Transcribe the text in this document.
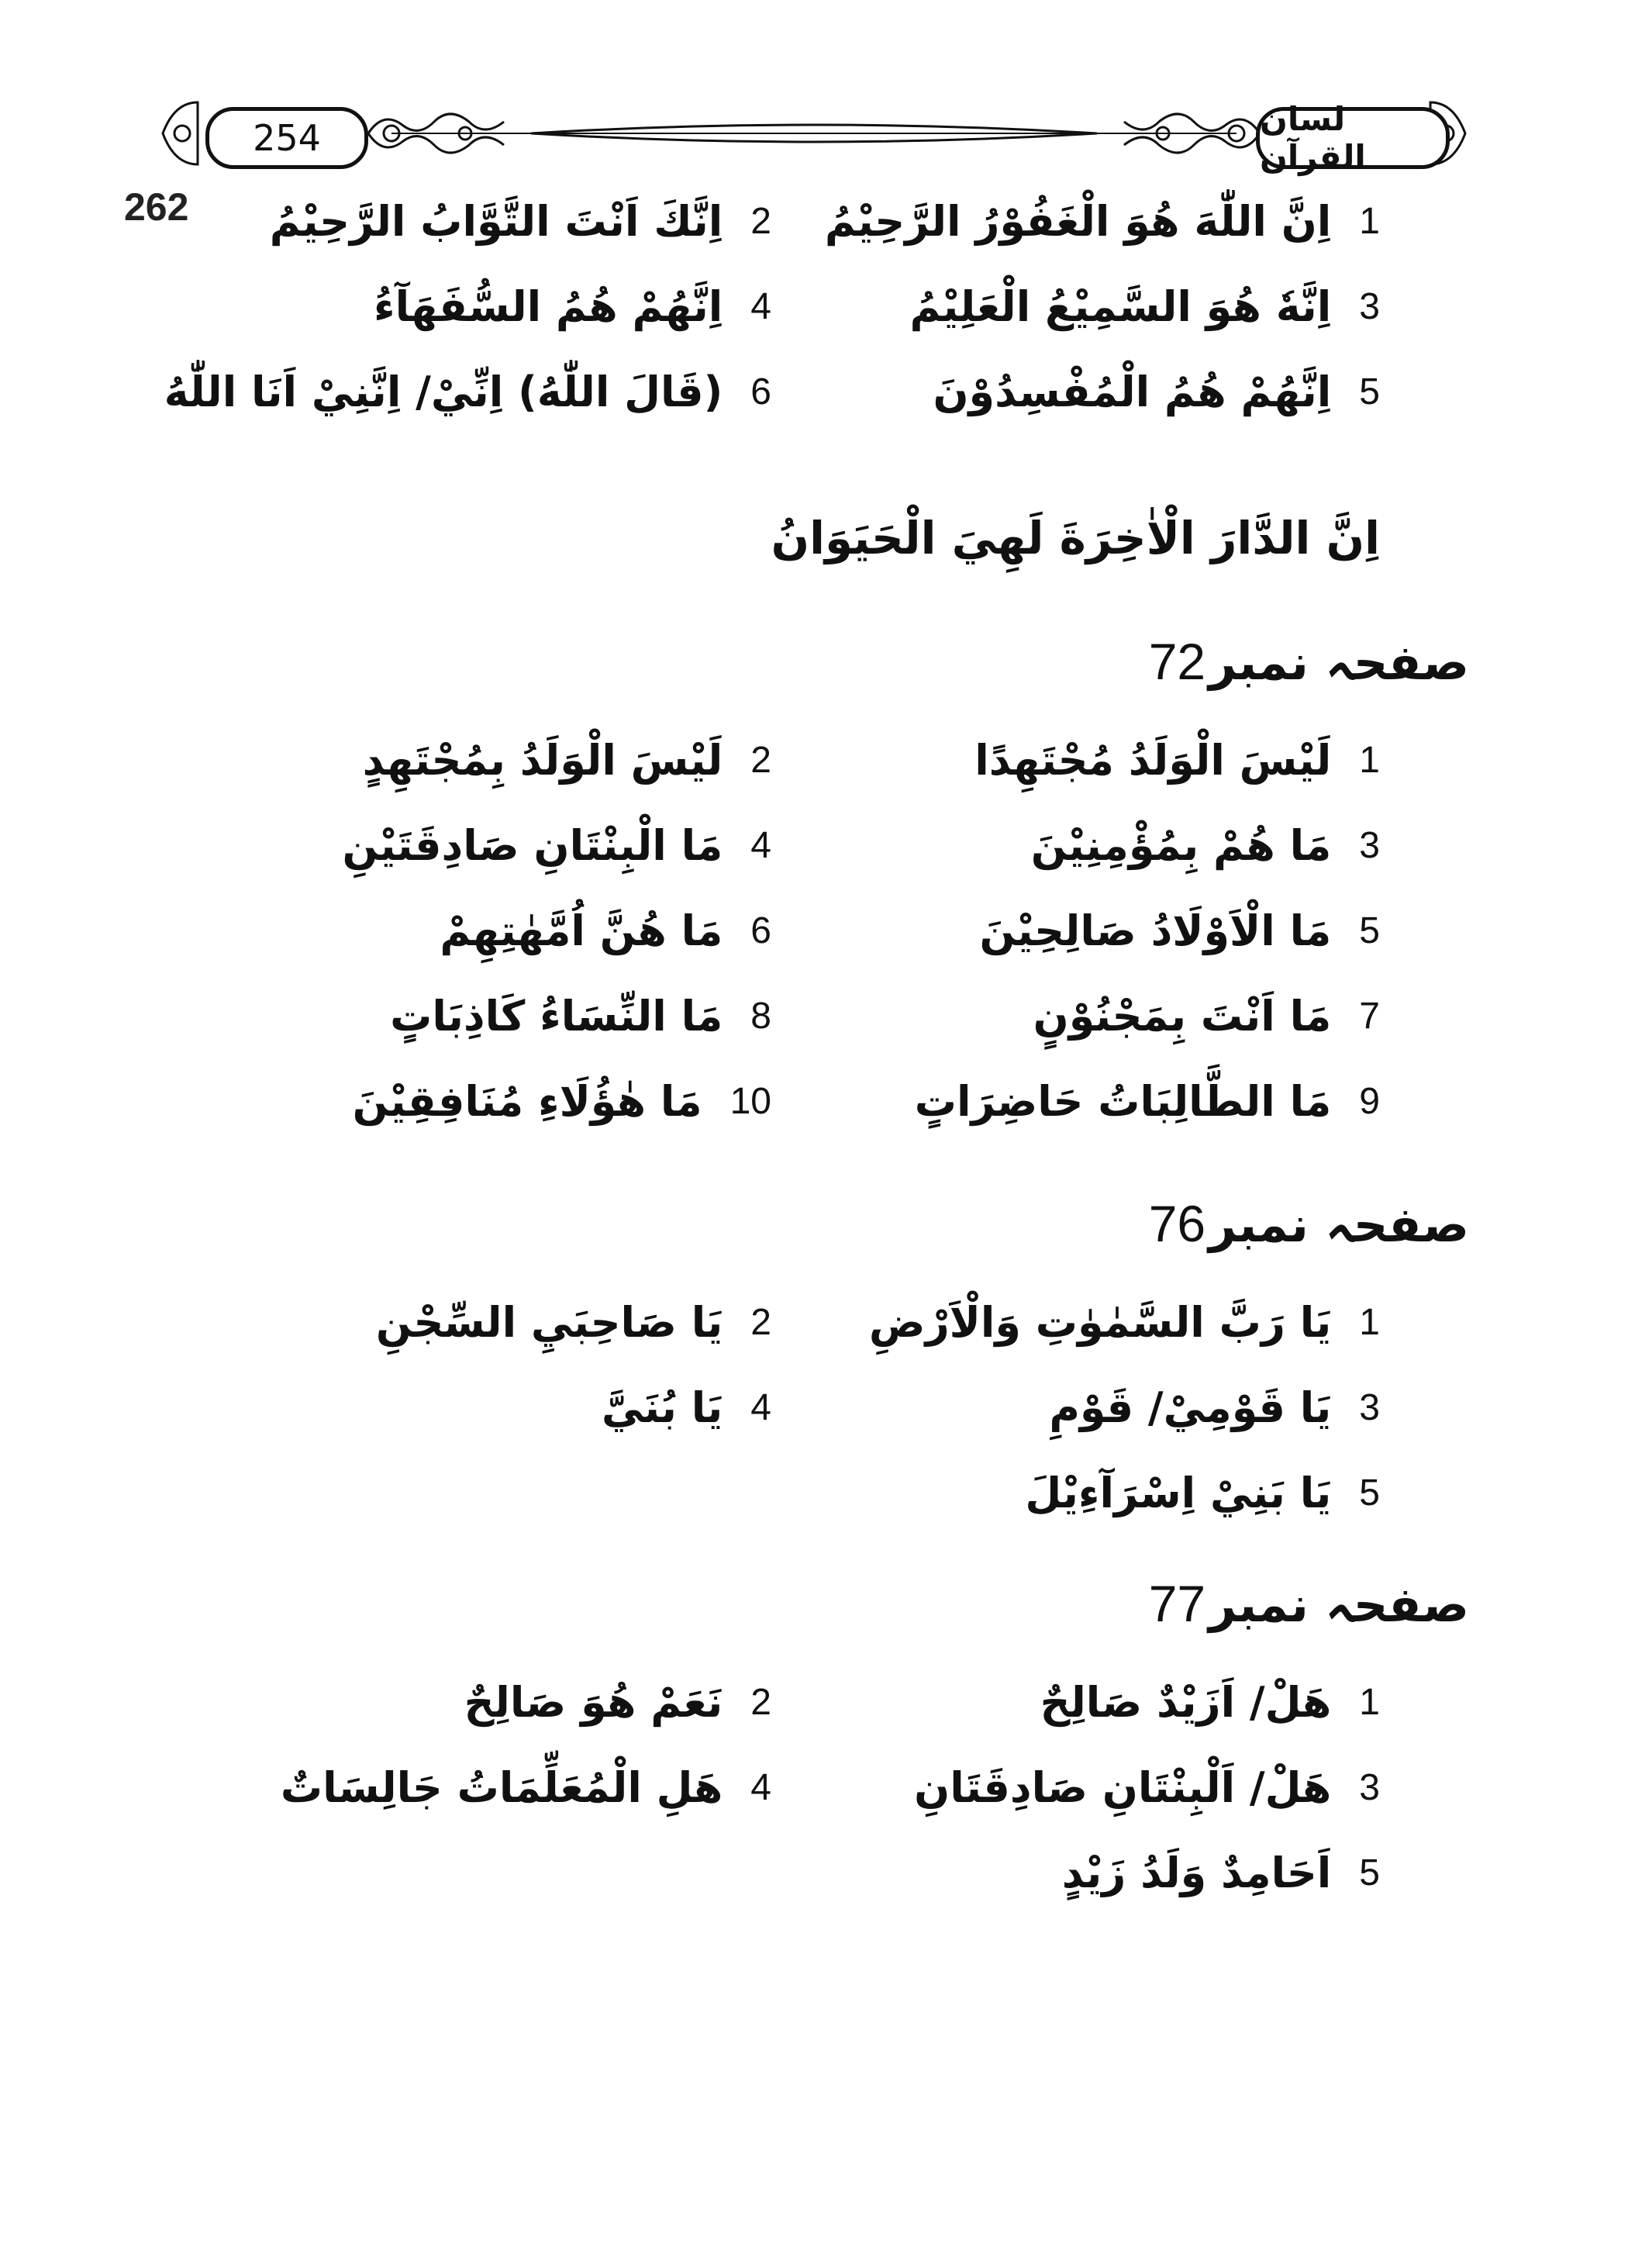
254	لسان القرآن
262	1
اِنَّ اللّٰهَ هُوَ الْغَفُوْرُ الرَّحِيْمُ
2
اِنَّكَ اَنْتَ التَّوَّابُ الرَّحِيْمُ
3
اِنَّهٗ هُوَ السَّمِيْعُ الْعَلِيْمُ
4
اِنَّهُمْ هُمُ السُّفَهَآءُ
5
اِنَّهُمْ هُمُ الْمُفْسِدُوْنَ
6
(قَالَ اللّٰهُ) اِنِّيْ/ اِنَّنِيْ اَنَا اللّٰهُ
اِنَّ الدَّارَ الْاٰخِرَةَ لَهِيَ الْحَيَوَانُ
صفحہ نمبر
72
1
لَيْسَ الْوَلَدُ مُجْتَهِدًا
2
لَيْسَ الْوَلَدُ بِمُجْتَهِدٍ
3
مَا هُمْ بِمُؤْمِنِيْنَ
4
مَا الْبِنْتَانِ صَادِقَتَيْنِ
5
مَا الْاَوْلَادُ صَالِحِيْنَ
6
مَا هُنَّ اُمَّهٰتِهِمْ
7
مَا اَنْتَ بِمَجْنُوْنٍ
8
مَا النِّسَاءُ كَاذِبَاتٍ
9
مَا الطَّالِبَاتُ حَاضِرَاتٍ
10
مَا هٰؤُلَاءِ مُنَافِقِيْنَ
صفحہ نمبر
76
1
يَا رَبَّ السَّمٰوٰتِ وَالْاَرْضِ
2
يَا صَاحِبَيِ السِّجْنِ
3
يَا قَوْمِيْ/ قَوْمِ
4
يَا بُنَيَّ
5
يَا بَنِيْ اِسْرَآءِيْلَ
صفحہ نمبر
77
1
هَلْ/ اَزَيْدٌ صَالِحٌ
2
نَعَمْ هُوَ صَالِحٌ
3
هَلْ/ اَلْبِنْتَانِ صَادِقَتَانِ
4
هَلِ الْمُعَلِّمَاتُ جَالِسَاتٌ
5
اَحَامِدٌ وَلَدُ زَيْدٍ
